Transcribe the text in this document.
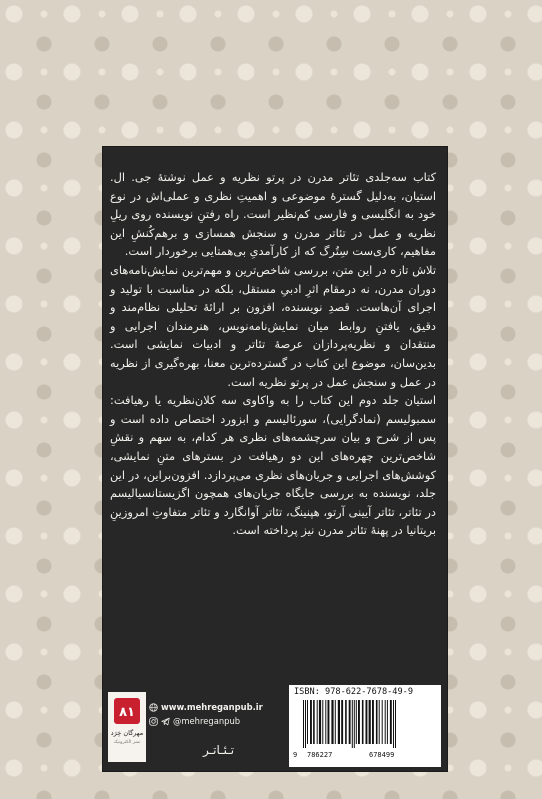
کتاب سه‌جلدی تئاتر مدرن در پرتو نظریه و عمل نوشتهٔ جی. ال. استیان، به‌دلیل گسترهٔ موضوعی و اهمیتِ نظری و عملی‌اش در نوع خود به انگلیسی و فارسی کم‌نظیر است. راه رفتنِ نویسنده روی ریلِ نظریه و عمل در تئاتر مدرن و سنجش همسازی و برهم‌کُنشِ این مفاهیم، کاری‌ست سِتُرگ که از کارآمدیِ بی‌همتایی برخوردار است.

تلاش تازه در این متن، بررسی شاخص‌ترین و مهم‌ترین نمایش‌نامه‌های دوران مدرن، نه درمقام اثرِ ادبیِ مستقل، بلکه در مناسبت با تولید و اجرای آن‌هاست. قصدِ نویسنده، افزون بر ارائهٔ تحلیلی نظام‌مند و دقیق، یافتنِ روابط میان نمایش‌نامه‌نویس، هنرمندان اجرایی و منتقدان و نظریه‌پردازان عرصهٔ تئاتر و ادبیات نمایشی است. بدین‌سان، موضوع این کتاب در گسترده‌ترین معنا، بهره‌گیری از نظریه در عمل و سنجش عمل در پرتو نظریه است.

استیان جلد دوم این کتاب را به واکاوی سه کلان‌نظریه یا رهیافت: سمبولیسم (نمادگرایی)، سورئالیسم و ابزورد اختصاص داده است و پس از شرح و بیان سرچشمه‌های نظری هر کدام، به سهم و نقشِ شاخص‌ترین چهره‌های این دو رهیافت در بسترهای متنِ نمایشی، کوشش‌های اجرایی و جریان‌های نظری می‌پردازد. افزون‌براین، در این جلد، نویسنده به بررسی جایگاه جریان‌های همچون اگزیستانسیالیسم در تئاتر، تئاتر آیینی آرتو، هپنینگ، تئاتر آوانگارد و تئاتر متفاوتِ امروزینِ بریتانیا در پهنهٔ تئاتر مدرن نیز پرداخته است.

۸۱
مهرگان خِرَد
نشر الکترونیک
www.mehreganpub.ir
@mehreganpub
تـئـاتـر
ISBN: 978-622-7678-49-9
9 786227	678499
